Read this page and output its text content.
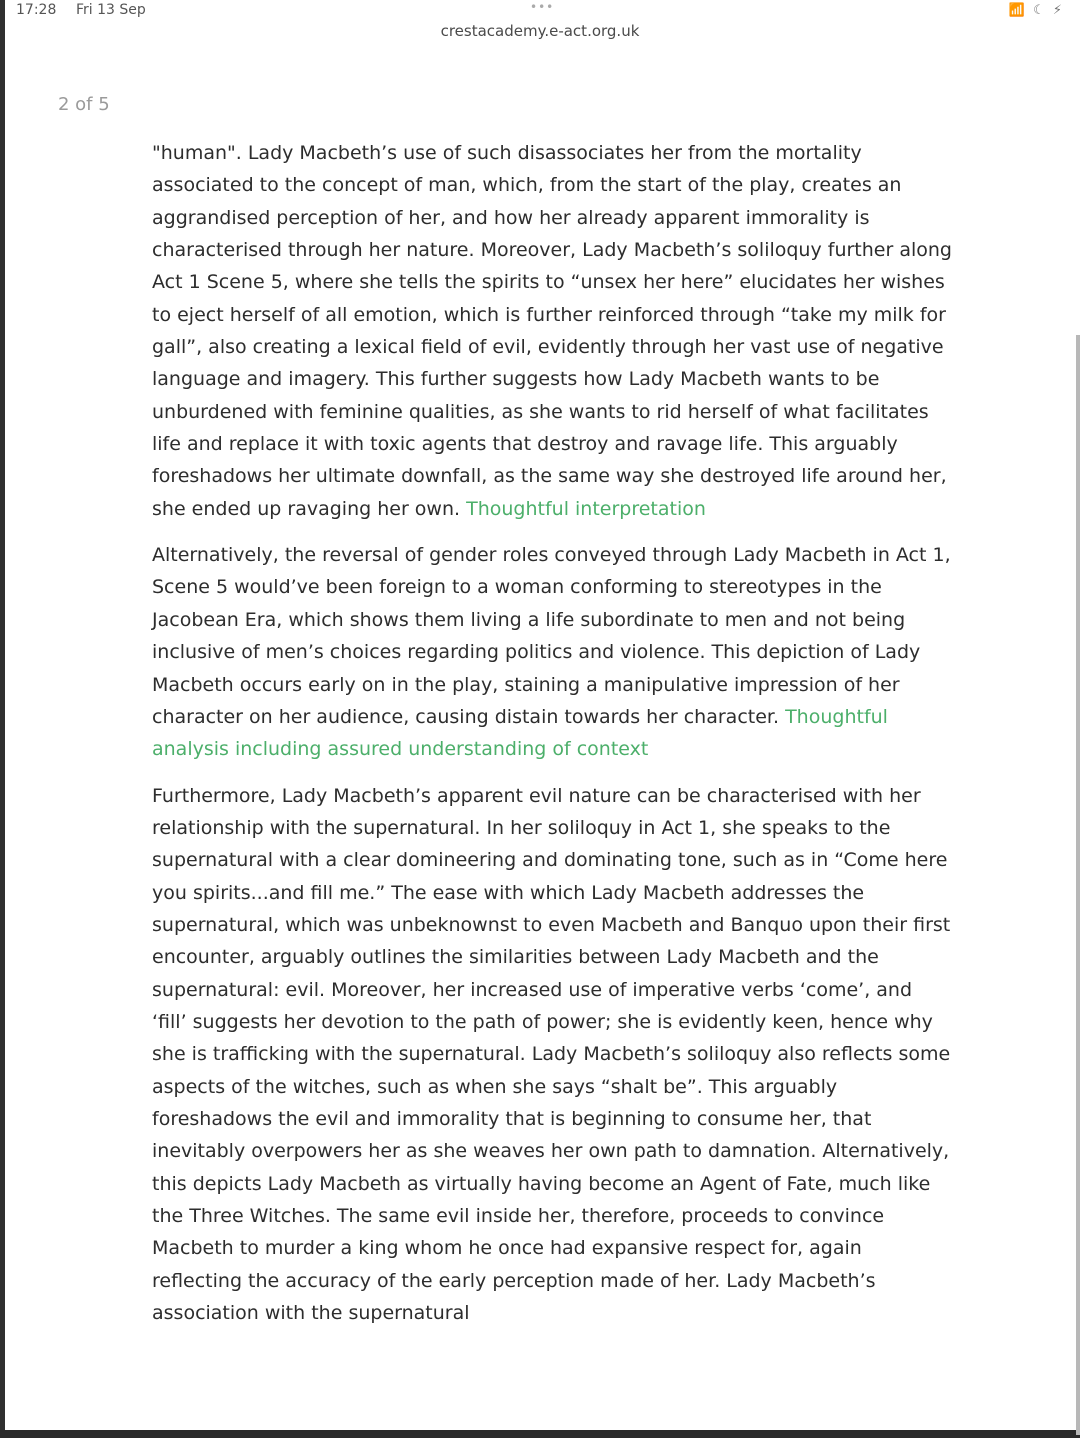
17:28 Fri 13 Sep	📶 ☾ ⚡
•••
crestacademy.e-act.org.uk
2 of 5

"human". Lady Macbeth’s use of such disassociates her from the mortality associated to the concept of man, which, from the start of the play, creates an aggrandised perception of her, and how her already apparent immorality is characterised through her nature. Moreover, Lady Macbeth’s soliloquy further along Act 1 Scene 5, where she tells the spirits to “unsex her here” elucidates her wishes to eject herself of all emotion, which is further reinforced through “take my milk for gall”, also creating a lexical field of evil, evidently through her vast use of negative language and imagery. This further suggests how Lady Macbeth wants to be unburdened with feminine qualities, as she wants to rid herself of what facilitates life and replace it with toxic agents that destroy and ravage life. This arguably foreshadows her ultimate downfall, as the same way she destroyed life around her, she ended up ravaging her own. Thoughtful interpretation

Alternatively, the reversal of gender roles conveyed through Lady Macbeth in Act 1, Scene 5 would’ve been foreign to a woman conforming to stereotypes in the Jacobean Era, which shows them living a life subordinate to men and not being inclusive of men’s choices regarding politics and violence. This depiction of Lady Macbeth occurs early on in the play, staining a manipulative impression of her character on her audience, causing distain towards her character. Thoughtful analysis including assured understanding of context

Furthermore, Lady Macbeth’s apparent evil nature can be characterised with her relationship with the supernatural. In her soliloquy in Act 1, she speaks to the supernatural with a clear domineering and dominating tone, such as in “Come here you spirits...and fill me.” The ease with which Lady Macbeth addresses the supernatural, which was unbeknownst to even Macbeth and Banquo upon their first encounter, arguably outlines the similarities between Lady Macbeth and the supernatural: evil. Moreover, her increased use of imperative verbs ‘come’, and ‘fill’ suggests her devotion to the path of power; she is evidently keen, hence why she is trafficking with the supernatural. Lady Macbeth’s soliloquy also reflects some aspects of the witches, such as when she says “shalt be”. This arguably foreshadows the evil and immorality that is beginning to consume her, that inevitably overpowers her as she weaves her own path to damnation. Alternatively, this depicts Lady Macbeth as virtually having become an Agent of Fate, much like the Three Witches. The same evil inside her, therefore, proceeds to convince Macbeth to murder a king whom he once had expansive respect for, again reflecting the accuracy of the early perception made of her. Lady Macbeth’s association with the supernatural
